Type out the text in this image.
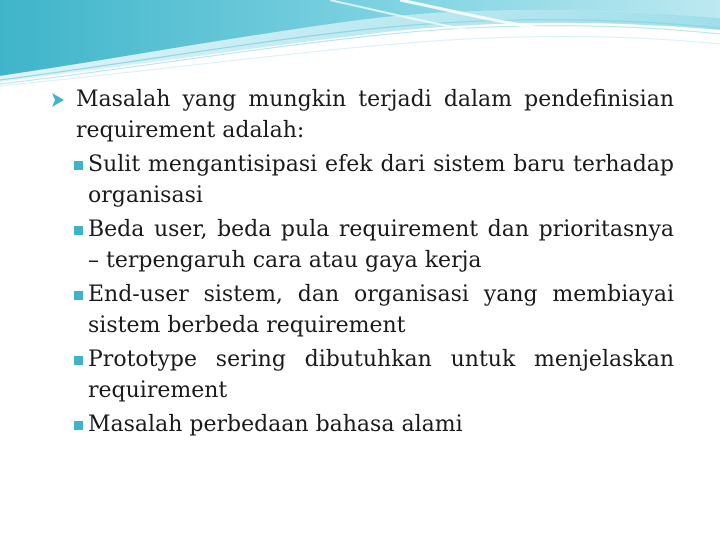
Masalah yang mungkin terjadi dalam pendefinisian requirement adalah:
Sulit mengantisipasi efek dari sistem baru terhadap organisasi
Beda user, beda pula requirement dan prioritasnya – terpengaruh cara atau gaya kerja
End-user sistem, dan organisasi yang membiayai sistem berbeda requirement
Prototype sering dibutuhkan untuk menjelaskan requirement
Masalah perbedaan bahasa alami
